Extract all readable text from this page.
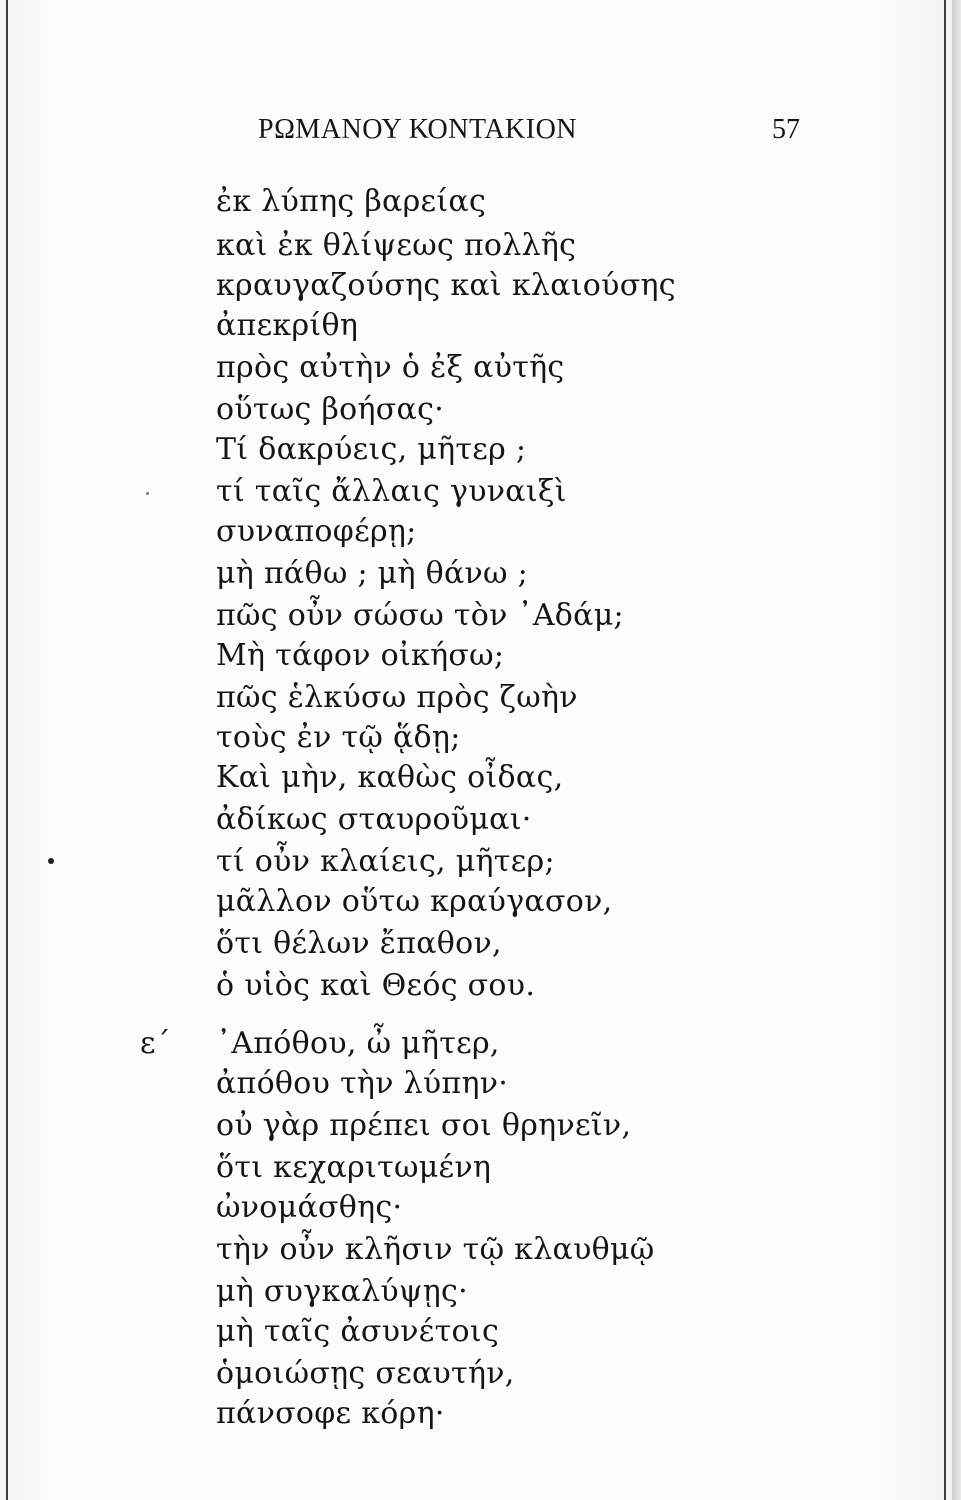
ΡΩΜΑΝΟΥ ΚΟΝΤΑΚΙΟΝ	57
ἐκ λύπης βαρείας
καὶ ἐκ θλίψεως πολλῆς
κραυγαζούσης καὶ κλαιούσης
ἀπεκρίθη
πρὸς αὐτὴν ὁ ἐξ αὐτῆς
οὕτως βοήσας·
Τί δακρύεις, μῆτερ ;
τί ταῖς ἄλλαις γυναιξὶ
συναποφέρῃ;
μὴ πάθω ; μὴ θάνω ;
πῶς οὖν σώσω τὸν ᾿Αδάμ;
Μὴ τάφον οἰκήσω;
πῶς ἑλκύσω πρὸς ζωὴν
τοὺς ἐν τῷ ᾅδῃ;
Καὶ μὴν, καθὼς οἶδας,
ἀδίκως σταυροῦμαι·
τί οὖν κλαίεις, μῆτερ;
μᾶλλον οὕτω κραύγασον,
ὅτι θέλων ἔπαθον,
ὁ υἱὸς καὶ Θεός σου.
ε΄ ᾿Απόθου, ὦ μῆτερ,
ἀπόθου τὴν λύπην·
οὐ γὰρ πρέπει σοι θρηνεῖν,
ὅτι κεχαριτωμένη
ὠνομάσθης·
τὴν οὖν κλῆσιν τῷ κλαυθμῷ
μὴ συγκαλύψῃς·
μὴ ταῖς ἀσυνέτοις
ὁμοιώσῃς σεαυτήν,
πάνσοφε κόρη·
